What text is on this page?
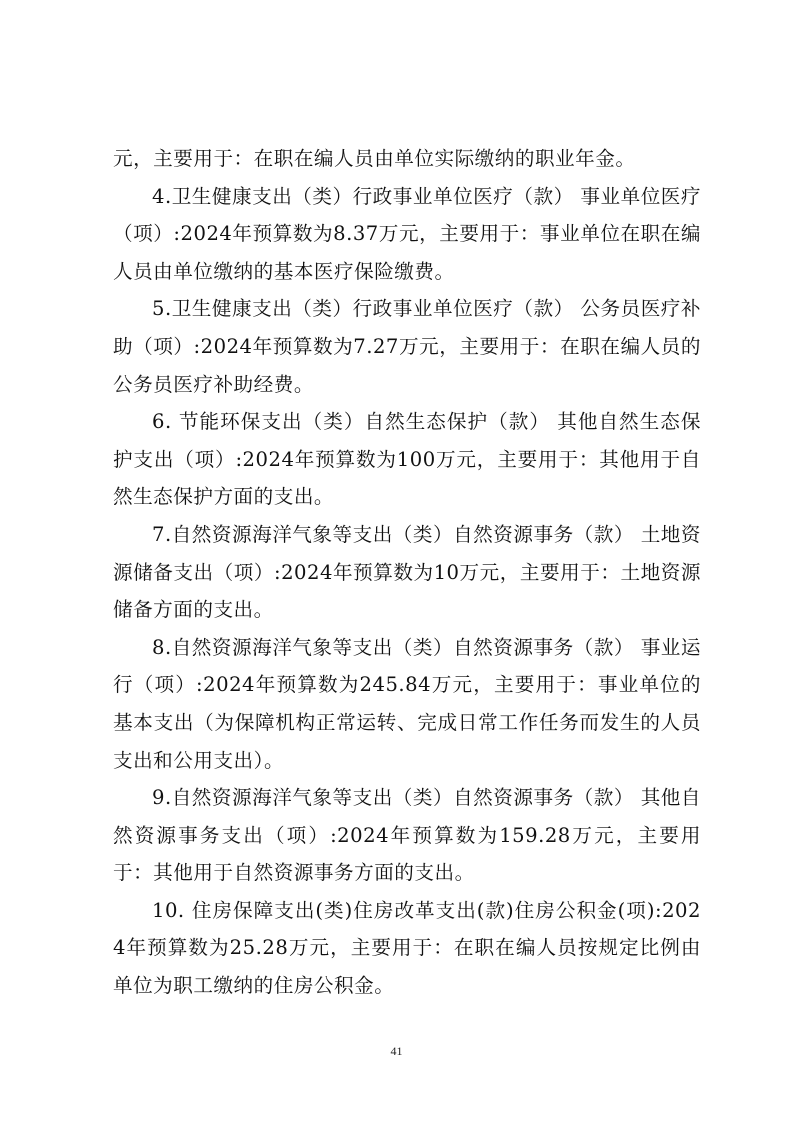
元，主要用于：在职在编人员由单位实际缴纳的职业年金。

4.卫生健康支出（类）行政事业单位医疗（款） 事业单位医疗（项）:2024年预算数为8.37万元，主要用于：事业单位在职在编人员由单位缴纳的基本医疗保险缴费。

5.卫生健康支出（类）行政事业单位医疗（款） 公务员医疗补助（项）:2024年预算数为7.27万元，主要用于：在职在编人员的公务员医疗补助经费。

6. 节能环保支出（类）自然生态保护（款） 其他自然生态保护支出（项）:2024年预算数为100万元，主要用于：其他用于自然生态保护方面的支出。

7.自然资源海洋气象等支出（类）自然资源事务（款） 土地资源储备支出（项）:2024年预算数为10万元，主要用于：土地资源储备方面的支出。

8.自然资源海洋气象等支出（类）自然资源事务（款） 事业运行（项）:2024年预算数为245.84万元，主要用于：事业单位的基本支出（为保障机构正常运转、完成日常工作任务而发生的人员支出和公用支出）。

9.自然资源海洋气象等支出（类）自然资源事务（款） 其他自然资源事务支出（项）:2024年预算数为159.28万元，主要用于：其他用于自然资源事务方面的支出。

10. 住房保障支出(类)住房改革支出(款)住房公积金(项):2024年预算数为25.28万元，主要用于：在职在编人员按规定比例由单位为职工缴纳的住房公积金。

41
